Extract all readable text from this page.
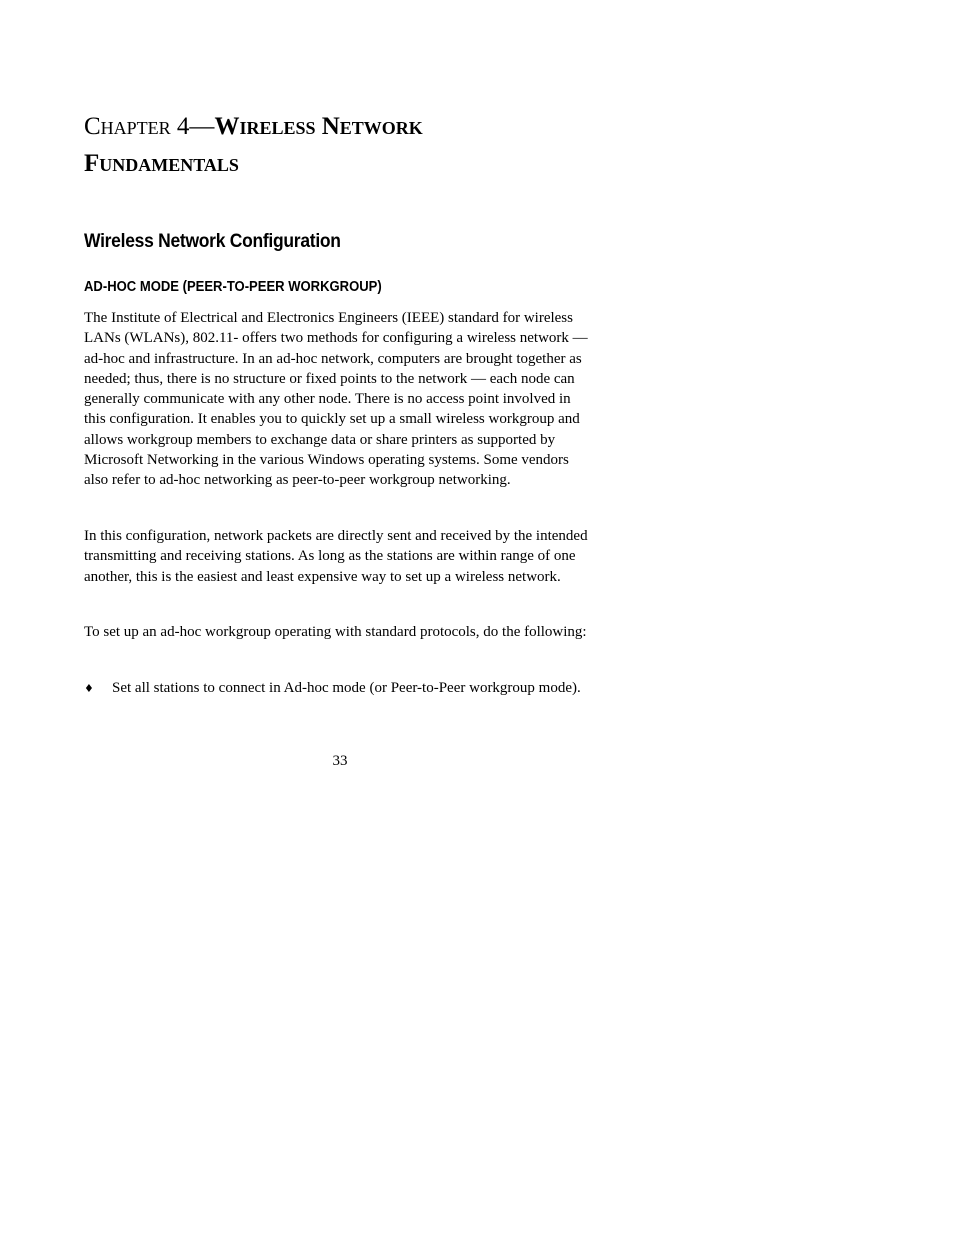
Chapter 4—Wireless Network
Fundamentals
Wireless Network Configuration
AD-HOC MODE (PEER-TO-PEER WORKGROUP)

The Institute of Electrical and Electronics Engineers (IEEE) standard for wireless LANs (WLANs), 802.11- offers two methods for configuring a wireless network — ad-hoc and infrastructure. In an ad-hoc network, computers are brought together as needed; thus, there is no structure or fixed points to the network — each node can generally communicate with any other node. There is no access point involved in this configuration. It enables you to quickly set up a small wireless workgroup and allows workgroup members to exchange data or share printers as supported by Microsoft Networking in the various Windows operating systems. Some vendors also refer to ad-hoc networking as peer-to-peer workgroup networking.

In this configuration, network packets are directly sent and received by the intended transmitting and receiving stations. As long as the stations are within range of one another, this is the easiest and least expensive way to set up a wireless network.

To set up an ad-hoc workgroup operating with standard protocols, do the following:

♦	Set all stations to connect in Ad-hoc mode (or Peer-to-Peer workgroup mode).
33
